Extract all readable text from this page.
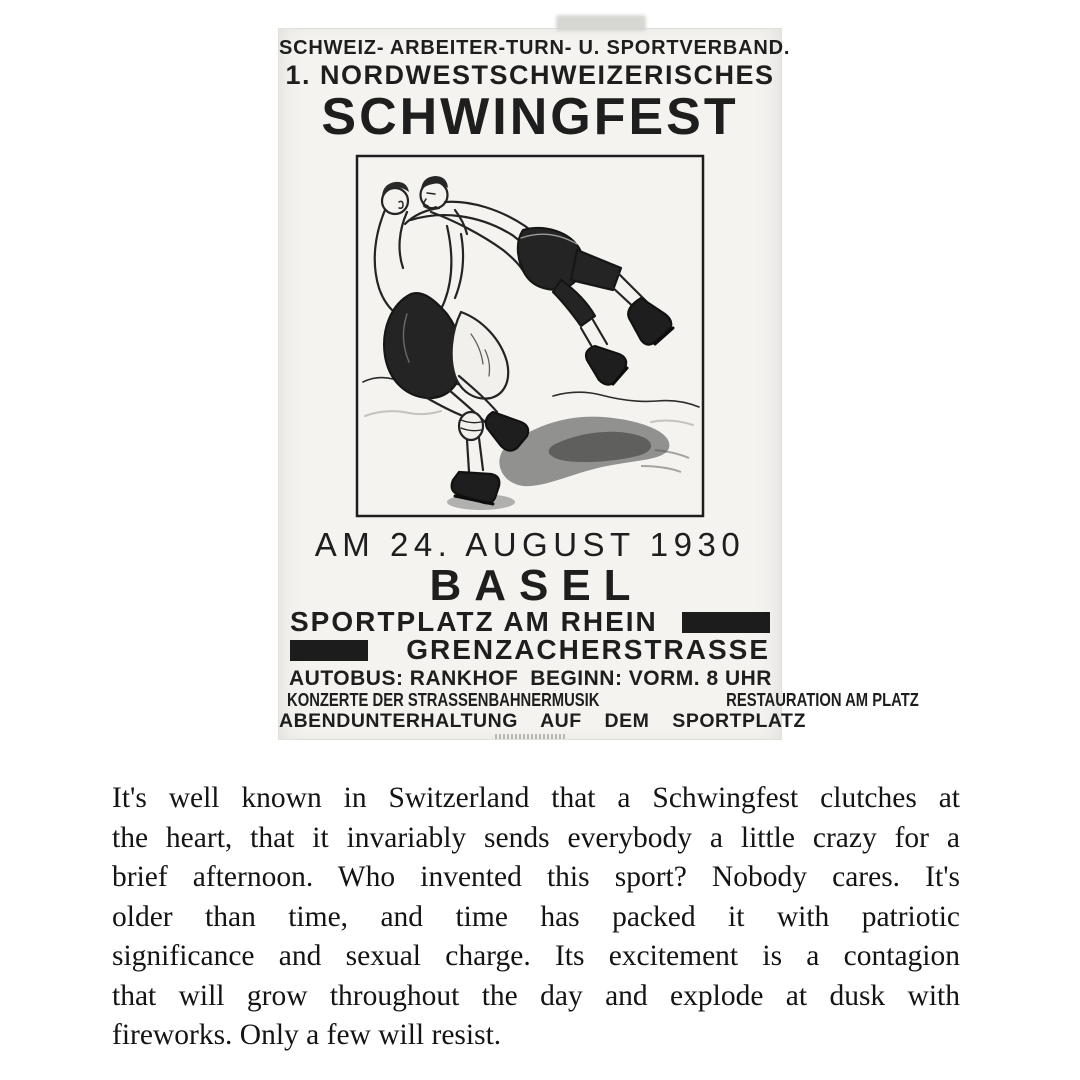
SCHWEIZ- ARBEITER-TURN- U. SPORTVERBAND.
1. NORDWESTSCHWEIZERISCHES
SCHWINGFEST
AM 24. AUGUST 1930
BASEL
SPORTPLATZ AM RHEIN
GRENZACHERSTRASSE
AUTOBUS: RANKHOF BEGINN: VORM. 8 UHR
KONZERTE DER STRASSENBAHNERMUSIK	RESTAURATION AM PLATZ
ABENDUNTERHALTUNG AUF DEM SPORTPLATZ
It's well known in Switzerland that a Schwingfest clutches at
the heart, that it invariably sends everybody a little crazy for a
brief afternoon. Who invented this sport? Nobody cares. It's
older than time, and time has packed it with patriotic
significance and sexual charge. Its excitement is a contagion
that will grow throughout the day and explode at dusk with
fireworks. Only a few will resist.
